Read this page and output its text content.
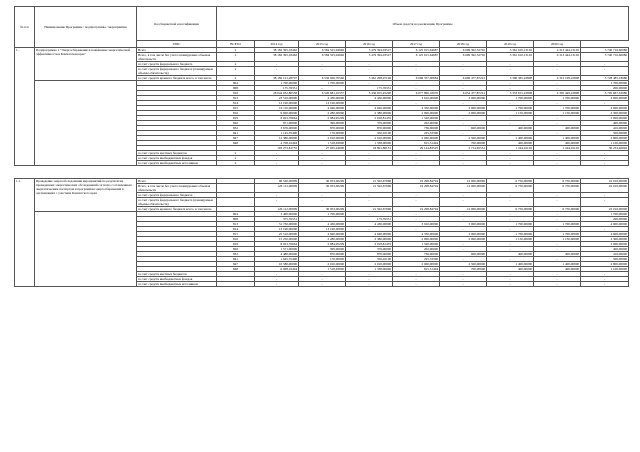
№ п/п	Наименование Программы / подпрограммы / мероприятия	Код бюджетной классификации	Объем средств на реализацию Программы								
		ГРБС	ВСЕГО	2014 год	2015 год	2016 год	2017 год	2018 год	2019 год	2020 год	
1.	Подпрограмма 1 "Энергосбережение и повышение энергетической эффективности в Камчатском крае"	Всего	x	38 182 395,18462	6 584 525,94946	5 479 394,03527	6 125 615,64687	6 609 392,52792	3 361 610,13102	4 313 444,13102	5 740 716,60086
		Всего, в том числе без учета планируемых объемов обязательств	x	38 182 395,18462	6 584 525,94946	5 479 394,03527	6 125 615,64687	6 609 392,52792	3 361 610,13102	4 313 444,13102	5 740 716,60086
		за счет средств федерального бюджета	x	-	-	-	-	-	-	-	-
		за счет средств федерального бюджета (планируемые объемы обязательств)	x	-	-	-	-	-	-	-	-
		за счет средств краевого бюджета всего, в том числе	x	38 182 121,28707	6 556 926,70546	5 461 208,07196	6 096 357,00684	6 666 477,87241	3 360 365,22808	4 312 199,22808	5 728 485,18080
			804	1 700,00000	1 700,00000	-	-	-	-	-	1 700,00000
			808	175,76351	-	175,76351	-	-	-	-	200,00000
			816	28 044 032,80558	6 520 681,10337	5 436 655,45290	6 077 896,16070	6 654 477,87241	3 353 615,22808	4 305 449,22808	5 705 667,16080
			813	23 510,00000	4 430,00000	4 430,00000	3 910,00000	3 000,00000	1 700,00000	1 700,00000	4 900,00000
			814	13 190,00000	13 190,00000	-	-	-	-	-	-
			815	19 110,00000	4 940,00000	4 940,00000	4 330,00000	3 000,00000	1 700,00000	1 700,00000	4 900,00000
			816	9 600,00000	2 280,00000	2 380,00000	2 090,00000	2 000,00000	1 150,00000	1 150,00000	2 300,00000
			819	6 023,76664	2 084,95209	2 018,81455	1 520,00000	-	-	-	2 000,00000
			826	871,00000	399,00000	379,00000	202,00000	-	-	-	400,00000
			832	3 676,00000	870,00000	870,00000	736,00000	600,00000	400,00000	400,00000	416,00000
			841	1 145,35400	170,00000	350,02100	225,33300	-	-	-	500,00000
			847	12 380,00000	2 010,00000	2 010,00000	2 060,00000	2 500,00000	1 400,00000	1 400,00000	2 800,00000
			848	4 708,16494	1 518,63900	1 338,00000	815,51494	700,00000	400,00000	400,00000	1 100,00000
				193 273,81755	27 035,24000	18 801,86131	29 124,83525	2 714,65551	1 244,91102	1 244,91102	30 233,40026
		за счет средств местных бюджетов	x	-	-	-	-	-	-	-	-
		за счет средств внебюджетных фондов	x	-	-	-	-	-	-	-	-
		за счет средств внебюджетных источников	x	-	-	-	-	-	-	-	-

1.1.	Проведение энергообследования мероприятий по результатам проведенных энергетических обследований согласно составленным энергетическим паспортам и программам энергосбережения в организациях с участием Камчатского края	Всего		96 546,00909	36 953,00209	21 592,67966	19 298,84794	12 000,00000	6 750,00000	6 750,00000	22 016,00000
		Всего, в том числе без учета планируемых объемов обязательств		126 112,00909	36 953,00209	21 592,67966	19 298,84794	12 000,00000	6 750,00000	6 750,00000	22 016,00000
		за счет средств федерального бюджета		-	-	-	-	-	-	-	-
		за счет средств федерального бюджета (планируемые объемы обязательств)		-	-	-	-	-	-	-	-
		за счет средств краевого бюджета всего, в том числе		126 112,00909	36 953,00209	21 592,67966	19 298,84794	12 000,00000	6 750,00000	6 750,00000	22 016,00000
			804	3 400,00000	1 700,00000	-	-	-	-	-	1 700,00000
			808	375,76351	-	175,76351	-	-	-	-	200,00000
			813	31 730,00000	4 430,00000	4 430,00000	3 910,00000	3 000,00000	1 700,00000	1 700,00000	4 900,00000
			814	13 190,00000	13 190,00000	-	-	-	-	-	-
			815	25 510,00000	4 940,00000	4 940,00000	4 330,00000	3 000,00000	1 700,00000	1 700,00000	4 900,00000
			816	15 250,00000	2 280,00000	2 380,00000	2 090,00000	2 000,00000	1 150,00000	1 150,00000	2 300,00000
			819	8 023,76664	2 084,95209	2 018,81455	1 520,00000	-	-	-	2 000,00000
			826	1 571,00000	399,00000	379,00000	202,00000	-	-	-	400,00000
			832	4 480,00000	870,00000	870,00000	736,00000	600,00000	400,00000	400,00000	416,00000
			841	1 645,35400	170,00000	350,02100	225,33300	-	-	-	500,00000
			847	16 580,00000	2 010,00000	2 010,00000	2 060,00000	2 500,00000	1 400,00000	1 400,00000	2 800,00000
			848	6 008,16494	1 518,63900	1 338,00000	815,51494	700,00000	400,00000	400,00000	1 100,00000
		за счет средств местных бюджетов		-	-	-	-	-	-	-	-
		за счет средств внебюджетных фондов		-	-	-	-	-	-	-	-
		за счет средств внебюджетных источников		-	-	-	-	-	-	-	-
